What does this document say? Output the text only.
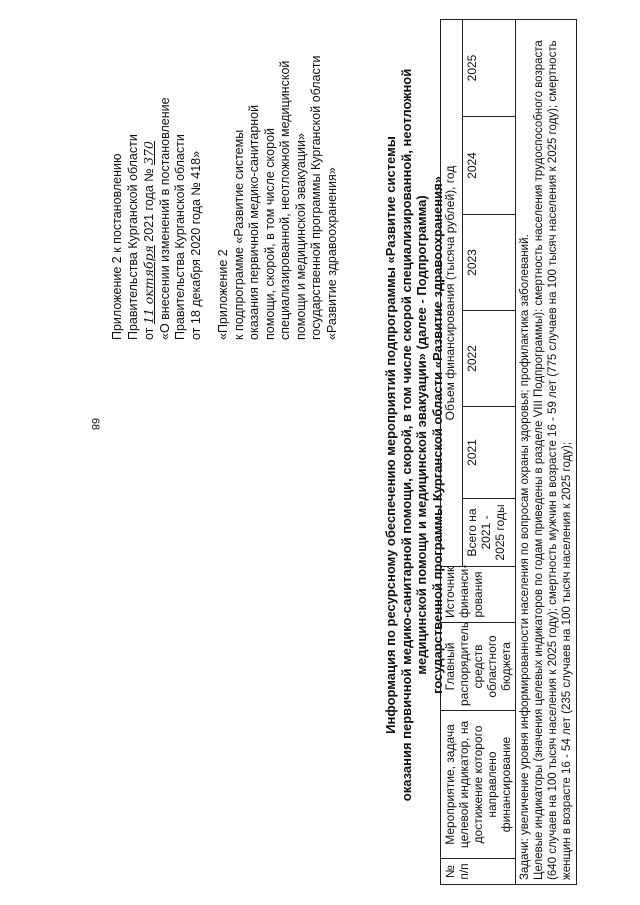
68

Приложение 2 к постановлению Правительства Курганской области от 11 октября 2021 года № 370 «О внесении изменений в постановление Правительства Курганской области от 18 декабря 2020 года № 418» «Приложение 2 к подпрограмме «Развитие системы оказания первичной медико-санитарной помощи, скорой, в том числе скорой специализированной, неотложной медицинской помощи и медицинской эвакуации» государственной программы Курганской области «Развитие здравоохранения»	Информация по ресурсному обеспечению мероприятий подпрограммы «Развитие системы оказания первичной медико-санитарной помощи, скорой, в том числе скорой специализированной, неотложной медицинской помощи и медицинской эвакуации» (далее - Подпрограмма) государственной программы Курганской области «Развитие здравоохранения»

№ п/п	Мероприятие, задача целевой индикатор, на достижение которого направлено финансирование	Главный распорядитель средств областного бюджета	Источник финанси-рования	Объем финансирования (тысяча рублей), год					
				Всего на 2021 - 2025 годы	2021	2022	2023	2024	2025

Задачи: увеличение уровня информированности населения по вопросам охраны здоровья; профилактика заболеваний. Целевые индикаторы (значения целевых индикаторов по годам приведены в разделе VIII Подпрограммы): смертность населения трудоспособного возраста (640 случаев на 100 тысяч населения к 2025 году); смертность мужчин в возрасте 16 - 59 лет (775 случаев на 100 тысяч населения к 2025 году); смертность женщин в возрасте 16 - 54 лет (235 случаев на 100 тысяч населения к 2025 году);									
